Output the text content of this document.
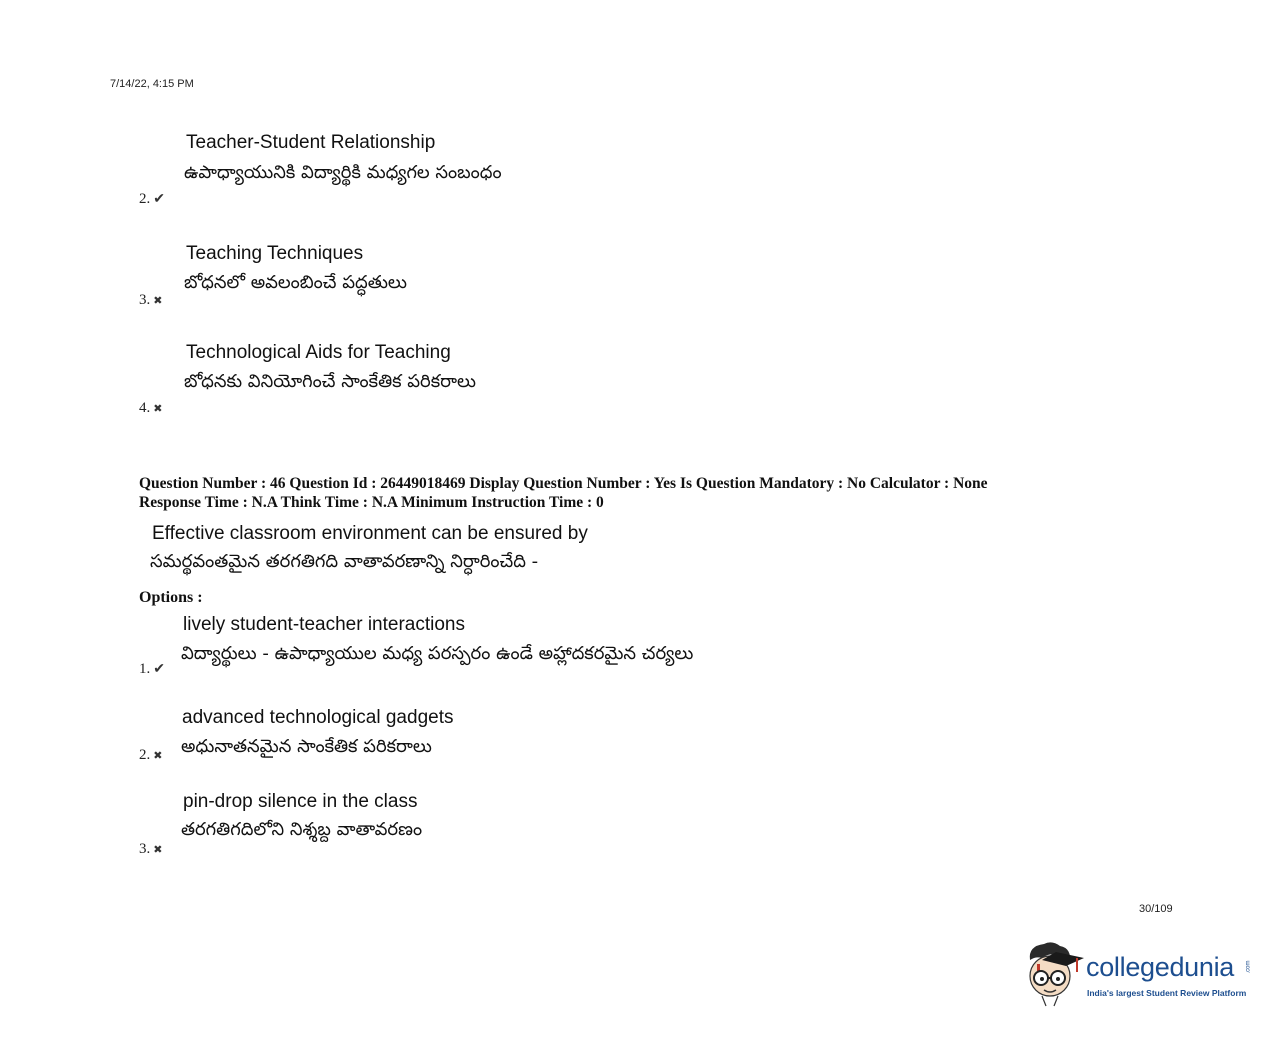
7/14/22, 4:15 PM
Teacher-Student Relationship
ఉపాధ్యాయునికి విద్యార్థికి మధ్యగల సంబంధం
2. ✔
Teaching Techniques
బోధనలో అవలంబించే పద్ధతులు
3. ✖
Technological Aids for Teaching
బోధనకు వినియోగించే సాంకేతిక పరికరాలు
4. ✖
Question Number : 46 Question Id : 26449018469 Display Question Number : Yes Is Question Mandatory : No Calculator : None
Response Time : N.A Think Time : N.A Minimum Instruction Time : 0
Effective classroom environment can be ensured by
సమర్థవంతమైన తరగతిగది వాతావరణాన్ని నిర్ధారించేది -
Options :
lively student-teacher interactions
విద్యార్థులు - ఉపాధ్యాయుల మధ్య పరస్పరం ఉండే అహ్లాదకరమైన చర్యలు
1. ✔
advanced technological gadgets
అధునాతనమైన సాంకేతిక పరికరాలు
2. ✖
pin-drop silence in the class
తరగతిగదిలోని నిశ్శబ్ద వాతావరణం
3. ✖
30/109
collegedunia .com
India's largest Student Review Platform
